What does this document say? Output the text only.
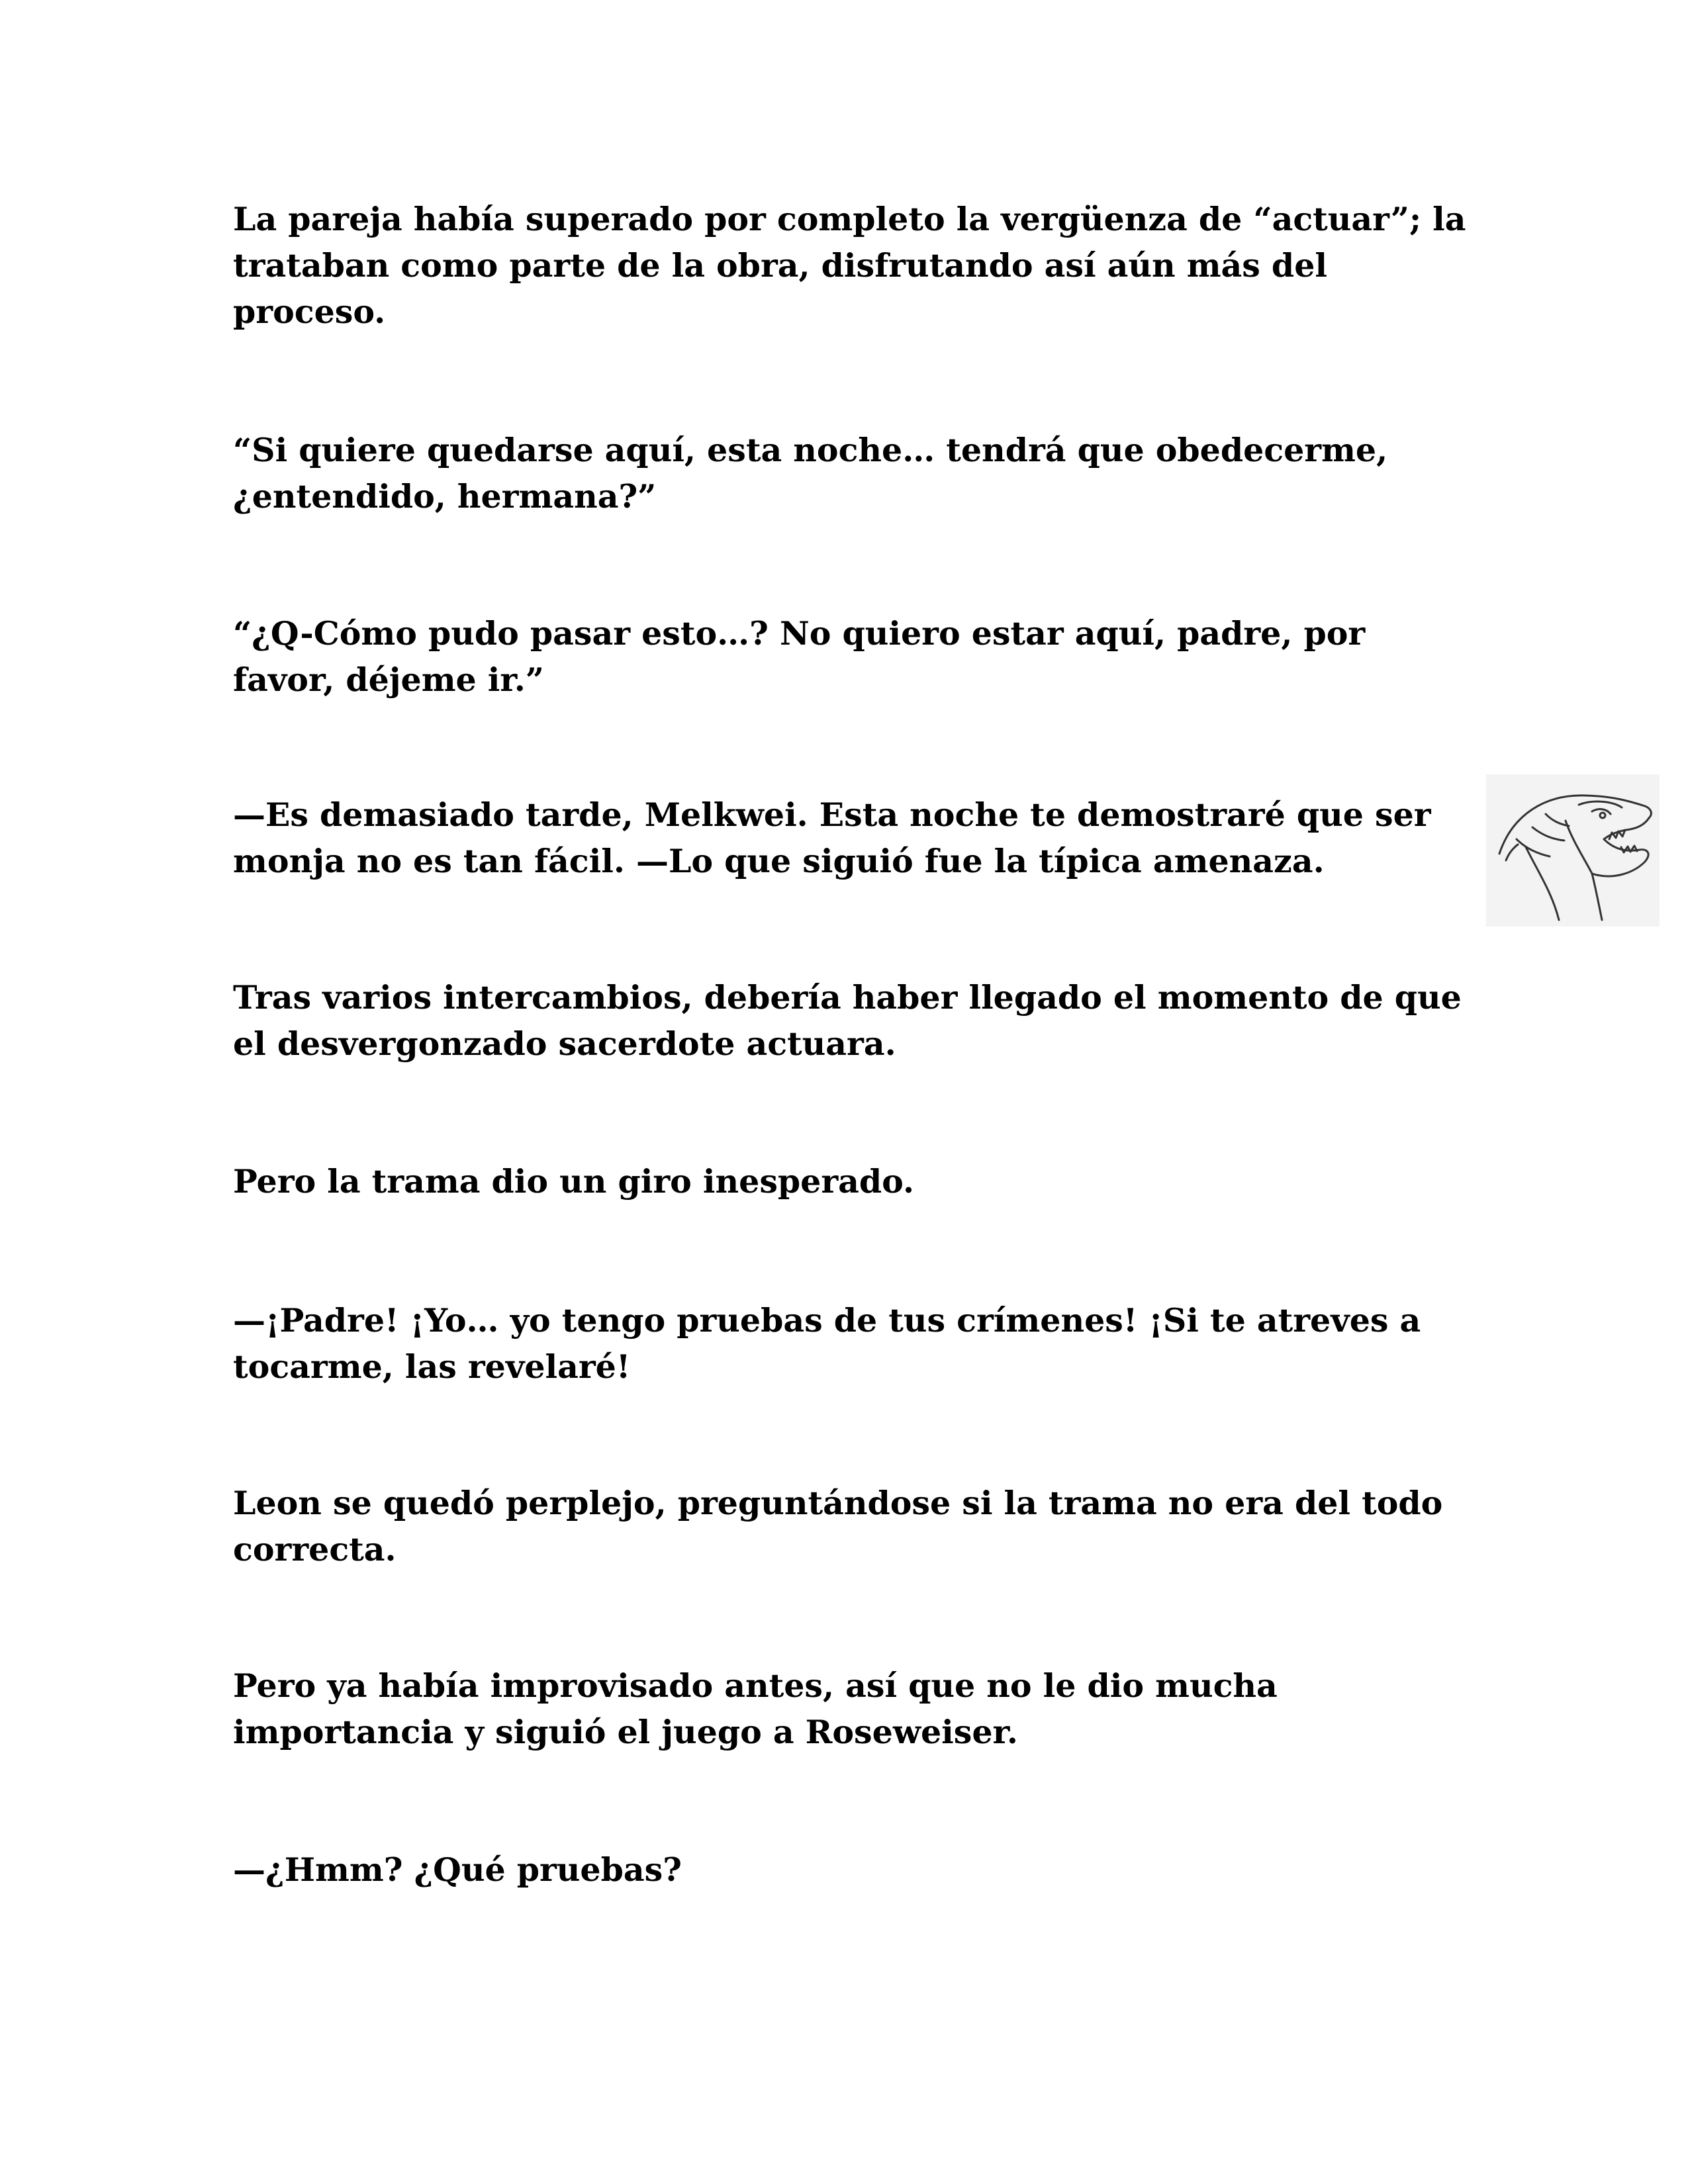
La pareja había superado por completo la vergüenza de “actuar”; la trataban como parte de la obra, disfrutando así aún más del proceso.

“Si quiere quedarse aquí, esta noche… tendrá que obedecerme, ¿entendido, hermana?”

“¿Q-Cómo pudo pasar esto…? No quiero estar aquí, padre, por favor, déjeme ir.”

—Es demasiado tarde, Melkwei. Esta noche te demostraré que ser monja no es tan fácil. —Lo que siguió fue la típica amenaza.

Tras varios intercambios, debería haber llegado el momento de que el desvergonzado sacerdote actuara.

Pero la trama dio un giro inesperado.

—¡Padre! ¡Yo… yo tengo pruebas de tus crímenes! ¡Si te atreves a tocarme, las revelaré!

Leon se quedó perplejo, preguntándose si la trama no era del todo correcta.

Pero ya había improvisado antes, así que no le dio mucha importancia y siguió el juego a Roseweiser.

—¿Hmm? ¿Qué pruebas?
